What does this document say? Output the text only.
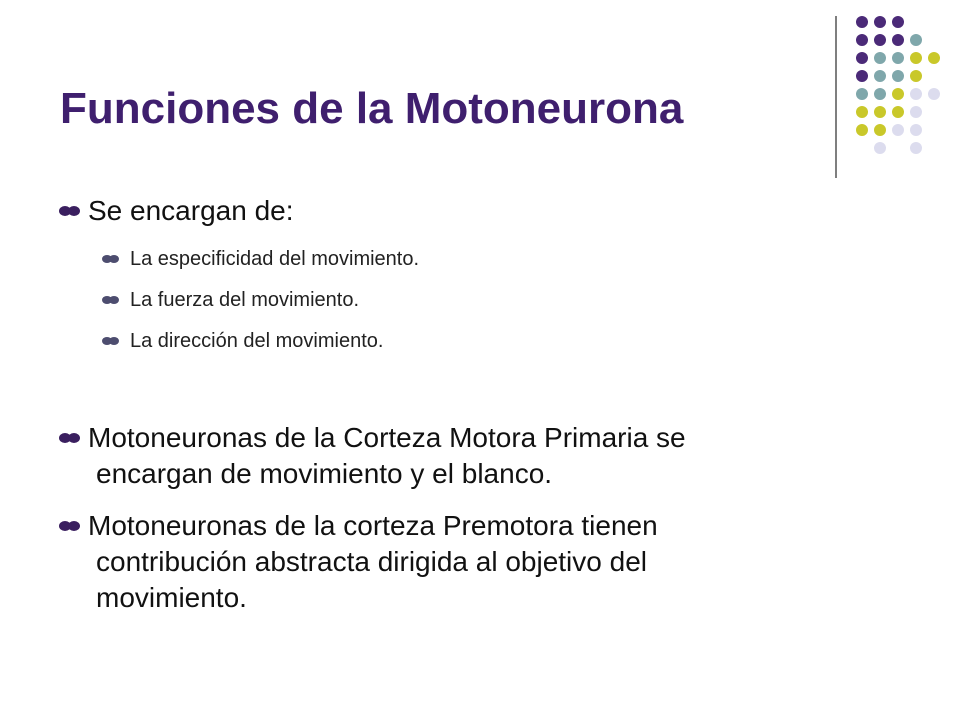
Funciones de la Motoneurona
Se encargan de:
La especificidad del movimiento.
La fuerza del movimiento.
La dirección del movimiento.
Motoneuronas de la Corteza Motora Primaria se
encargan de movimiento y el blanco.
Motoneuronas de la corteza Premotora tienen
contribución abstracta dirigida al objetivo del
movimiento.
